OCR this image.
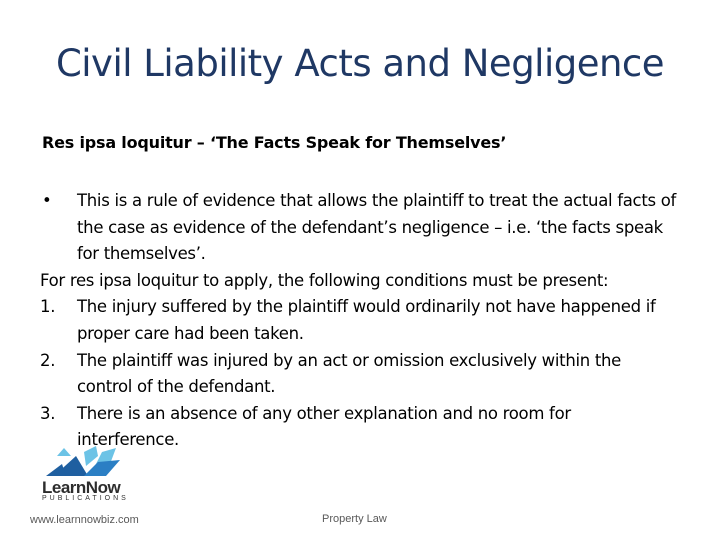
Civil Liability Acts and Negligence
Res ipsa loquitur – ‘The Facts Speak for Themselves’
•	This is a rule of evidence that allows the plaintiff to treat the actual facts of
the case as evidence of the defendant’s negligence – i.e. ‘the facts speak
for themselves’.
For res ipsa loquitur to apply, the following conditions must be present:
1.	The injury suffered by the plaintiff would ordinarily not have happened if
proper care had been taken.
2.	The plaintiff was injured by an act or omission exclusively within the
control of the defendant.
3.	There is an absence of any other explanation and no room for
interference.
LearnNow
PUBLICATIONS
www.learnnowbiz.com	Property Law
